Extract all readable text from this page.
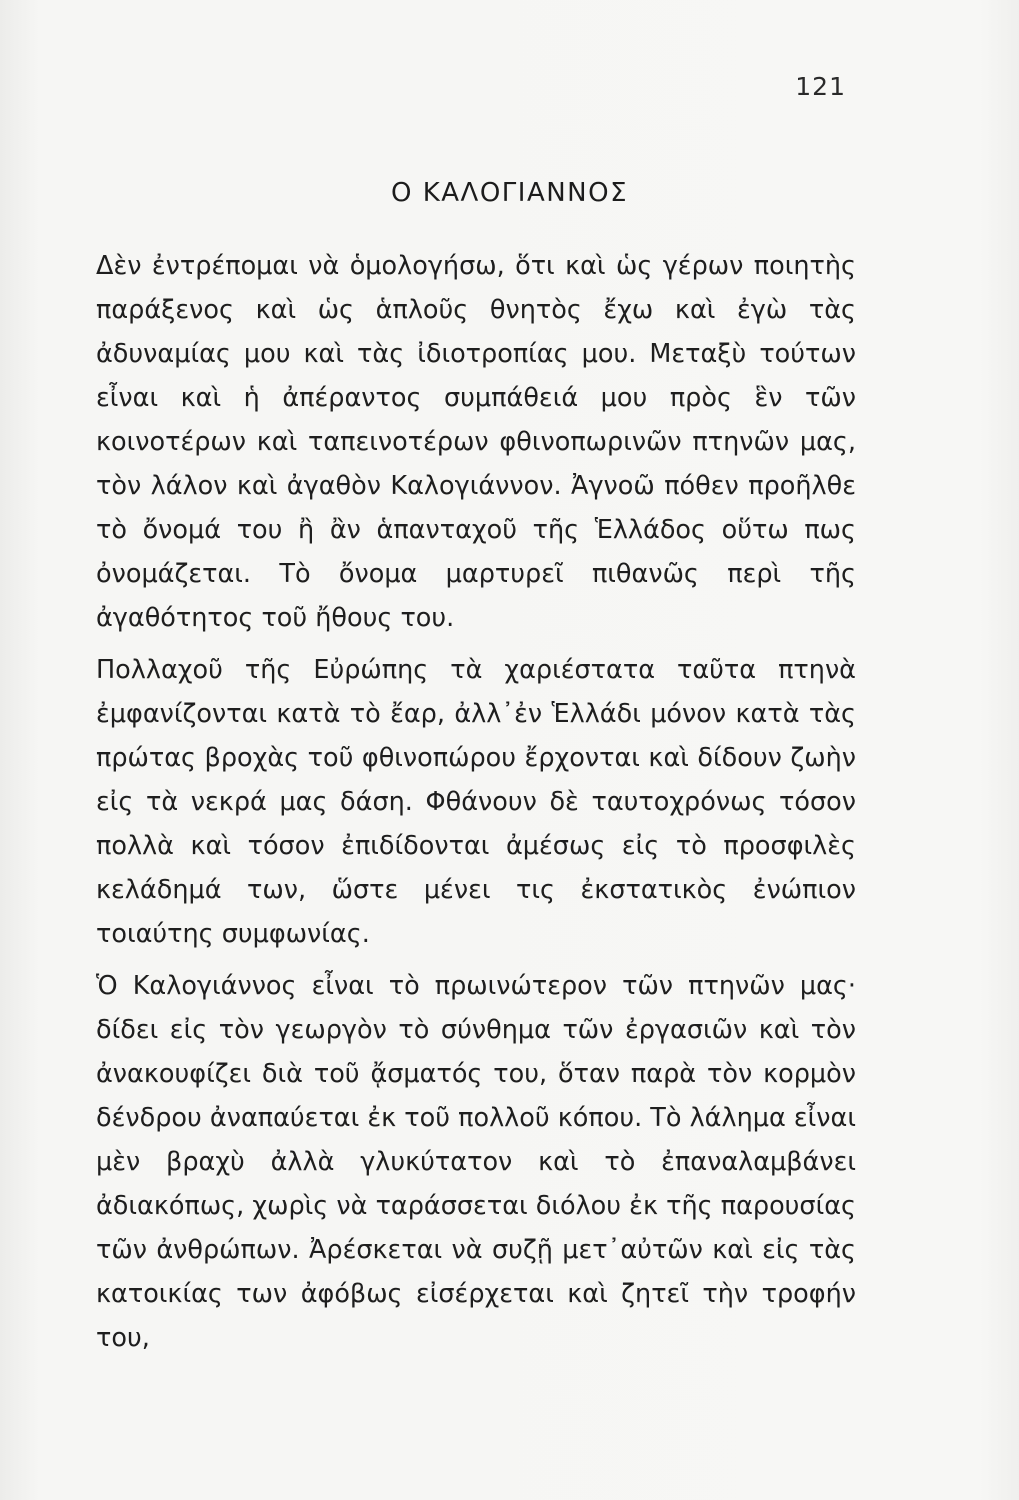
121
Ο ΚΑΛΟΓΙΑΝΝΟΣ

Δὲν ἐντρέπομαι νὰ ὁμολογήσω, ὅτι καὶ ὡς γέρων ποιητὴς παράξενος καὶ ὡς ἁπλοῦς θνητὸς ἔχω καὶ ἐγὼ τὰς ἀδυναμίας μου καὶ τὰς ἰδιοτροπίας μου. Μεταξὺ τούτων εἶναι καὶ ἡ ἀπέραντος συμπάθειά μου πρὸς ἓν τῶν κοινοτέρων καὶ ταπεινοτέρων φθινοπωρινῶν πτηνῶν μας, τὸν λάλον καὶ ἀγαθὸν Καλογιάννον. Ἀγνοῶ πόθεν προῆλθε τὸ ὄνομά του ἢ ἂν ἁπανταχοῦ τῆς Ἑλλάδος οὕτω πως ὀνομάζεται. Τὸ ὄνομα μαρτυρεῖ πιθανῶς περὶ τῆς ἀγαθότητος τοῦ ἤθους του.

Πολλαχοῦ τῆς Εὐρώπης τὰ χαριέστατα ταῦτα πτηνὰ ἐμφανίζονται κατὰ τὸ ἔαρ, ἀλλ᾽ἐν Ἑλλάδι μόνον κατὰ τὰς πρώτας βροχὰς τοῦ φθινοπώρου ἔρχονται καὶ δίδουν ζωὴν εἰς τὰ νεκρά μας δάση. Φθάνουν δὲ ταυτοχρόνως τόσον πολλὰ καὶ τόσον ἐπιδίδονται ἀμέσως εἰς τὸ προσφιλὲς κελάδημά των, ὥστε μένει τις ἐκστατικὸς ἐνώπιον τοιαύτης συμφωνίας.

Ὁ Καλογιάννος εἶναι τὸ πρωινώτερον τῶν πτηνῶν μας· δίδει εἰς τὸν γεωργὸν τὸ σύνθημα τῶν ἐργασιῶν καὶ τὸν ἀνακουφίζει διὰ τοῦ ᾄσματός του, ὅταν παρὰ τὸν κορμὸν δένδρου ἀναπαύεται ἐκ τοῦ πολλοῦ κόπου. Τὸ λάλημα εἶναι μὲν βραχὺ ἀλλὰ γλυκύτατον καὶ τὸ ἐπαναλαμβάνει ἀδιακόπως, χωρὶς νὰ ταράσσεται διόλου ἐκ τῆς παρουσίας τῶν ἀνθρώπων. Ἀρέσκεται νὰ συζῇ μετ᾽αὐτῶν καὶ εἰς τὰς κατοικίας των ἀφόβως εἰσέρχεται καὶ ζητεῖ τὴν τροφήν του,
